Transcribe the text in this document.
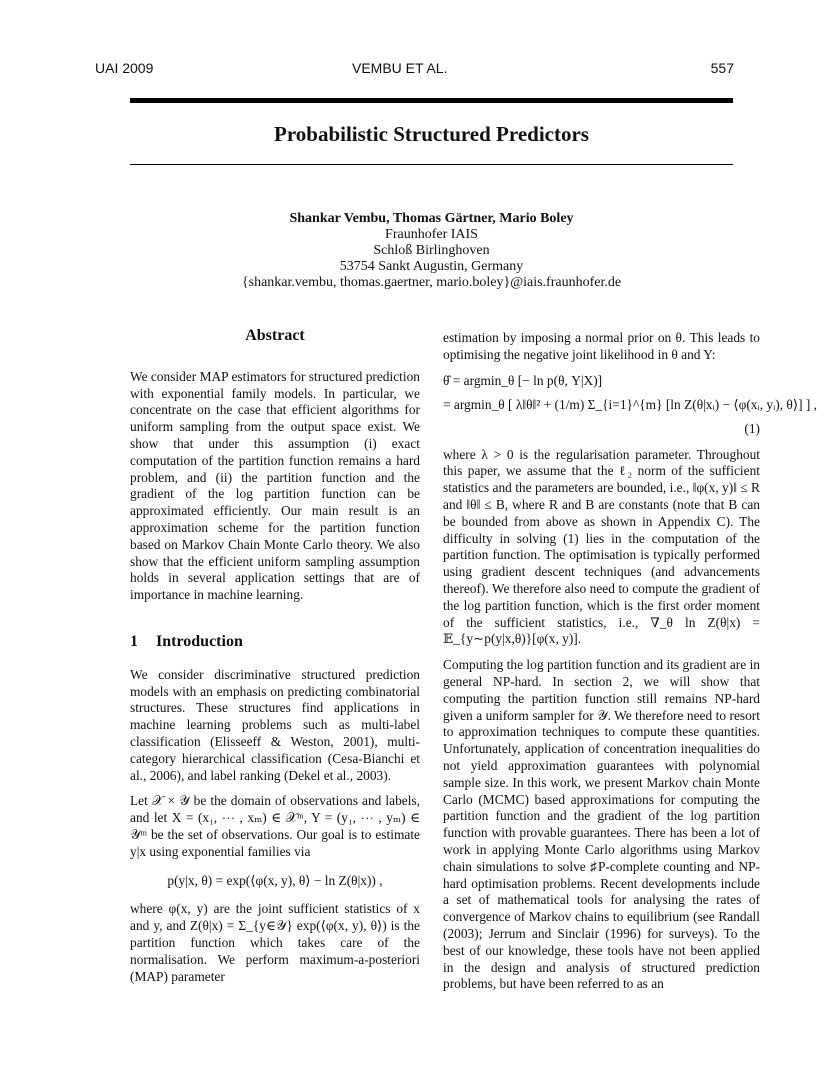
UAI 2009	VEMBU ET AL.	557
Probabilistic Structured Predictors
Shankar Vembu, Thomas Gärtner, Mario Boley
Fraunhofer IAIS
Schloß Birlinghoven
53754 Sankt Augustin, Germany
{shankar.vembu, thomas.gaertner, mario.boley}@iais.fraunhofer.de
Abstract

We consider MAP estimators for structured prediction with exponential family models. In particular, we concentrate on the case that efficient algorithms for uniform sampling from the output space exist. We show that under this assumption (i) exact computation of the partition function remains a hard problem, and (ii) the partition function and the gradient of the log partition function can be approximated efficiently. Our main result is an approximation scheme for the partition function based on Markov Chain Monte Carlo theory. We also show that the efficient uniform sampling assumption holds in several application settings that are of importance in machine learning.

1 Introduction

We consider discriminative structured prediction models with an emphasis on predicting combinatorial structures. These structures find applications in machine learning problems such as multi-label classification (Elisseeff & Weston, 2001), multi-category hierarchical classification (Cesa-Bianchi et al., 2006), and label ranking (Dekel et al., 2003).

Let 𝒳 × 𝒴 be the domain of observations and labels, and let X = (x₁, ⋯ , xₘ) ∈ 𝒳ᵐ, Y = (y₁, ⋯ , yₘ) ∈ 𝒴ᵐ be the set of observations. Our goal is to estimate y|x using exponential families via

p(y|x, θ) = exp(⟨φ(x, y), θ⟩ − ln Z(θ|x)) ,

where φ(x, y) are the joint sufficient statistics of x and y, and Z(θ|x) = Σ_{y∈𝒴} exp(⟨φ(x, y), θ⟩) is the partition function which takes care of the normalisation. We perform maximum-a-posteriori (MAP) parameter

estimation by imposing a normal prior on θ. This leads to optimising the negative joint likelihood in θ and Y:

θ̂ = argmin_θ [− ln p(θ, Y|X)]
= argmin_θ [ λ‖θ‖² + (1/m) Σ_{i=1}^{m} [ln Z(θ|xᵢ) − ⟨φ(xᵢ, yᵢ), θ⟩] ] ,
(1)

where λ > 0 is the regularisation parameter. Throughout this paper, we assume that the ℓ₂ norm of the sufficient statistics and the parameters are bounded, i.e., ‖φ(x, y)‖ ≤ R and ‖θ‖ ≤ B, where R and B are constants (note that B can be bounded from above as shown in Appendix C). The difficulty in solving (1) lies in the computation of the partition function. The optimisation is typically performed using gradient descent techniques (and advancements thereof). We therefore also need to compute the gradient of the log partition function, which is the first order moment of the sufficient statistics, i.e., ∇_θ ln Z(θ|x) = 𝔼_{y∼p(y|x,θ)}[φ(x, y)].

Computing the log partition function and its gradient are in general NP-hard. In section 2, we will show that computing the partition function still remains NP-hard given a uniform sampler for 𝒴. We therefore need to resort to approximation techniques to compute these quantities. Unfortunately, application of concentration inequalities do not yield approximation guarantees with polynomial sample size. In this work, we present Markov chain Monte Carlo (MCMC) based approximations for computing the partition function and the gradient of the log partition function with provable guarantees. There has been a lot of work in applying Monte Carlo algorithms using Markov chain simulations to solve ♯P-complete counting and NP-hard optimisation problems. Recent developments include a set of mathematical tools for analysing the rates of convergence of Markov chains to equilibrium (see Randall (2003); Jerrum and Sinclair (1996) for surveys). To the best of our knowledge, these tools have not been applied in the design and analysis of structured prediction problems, but have been referred to as an
